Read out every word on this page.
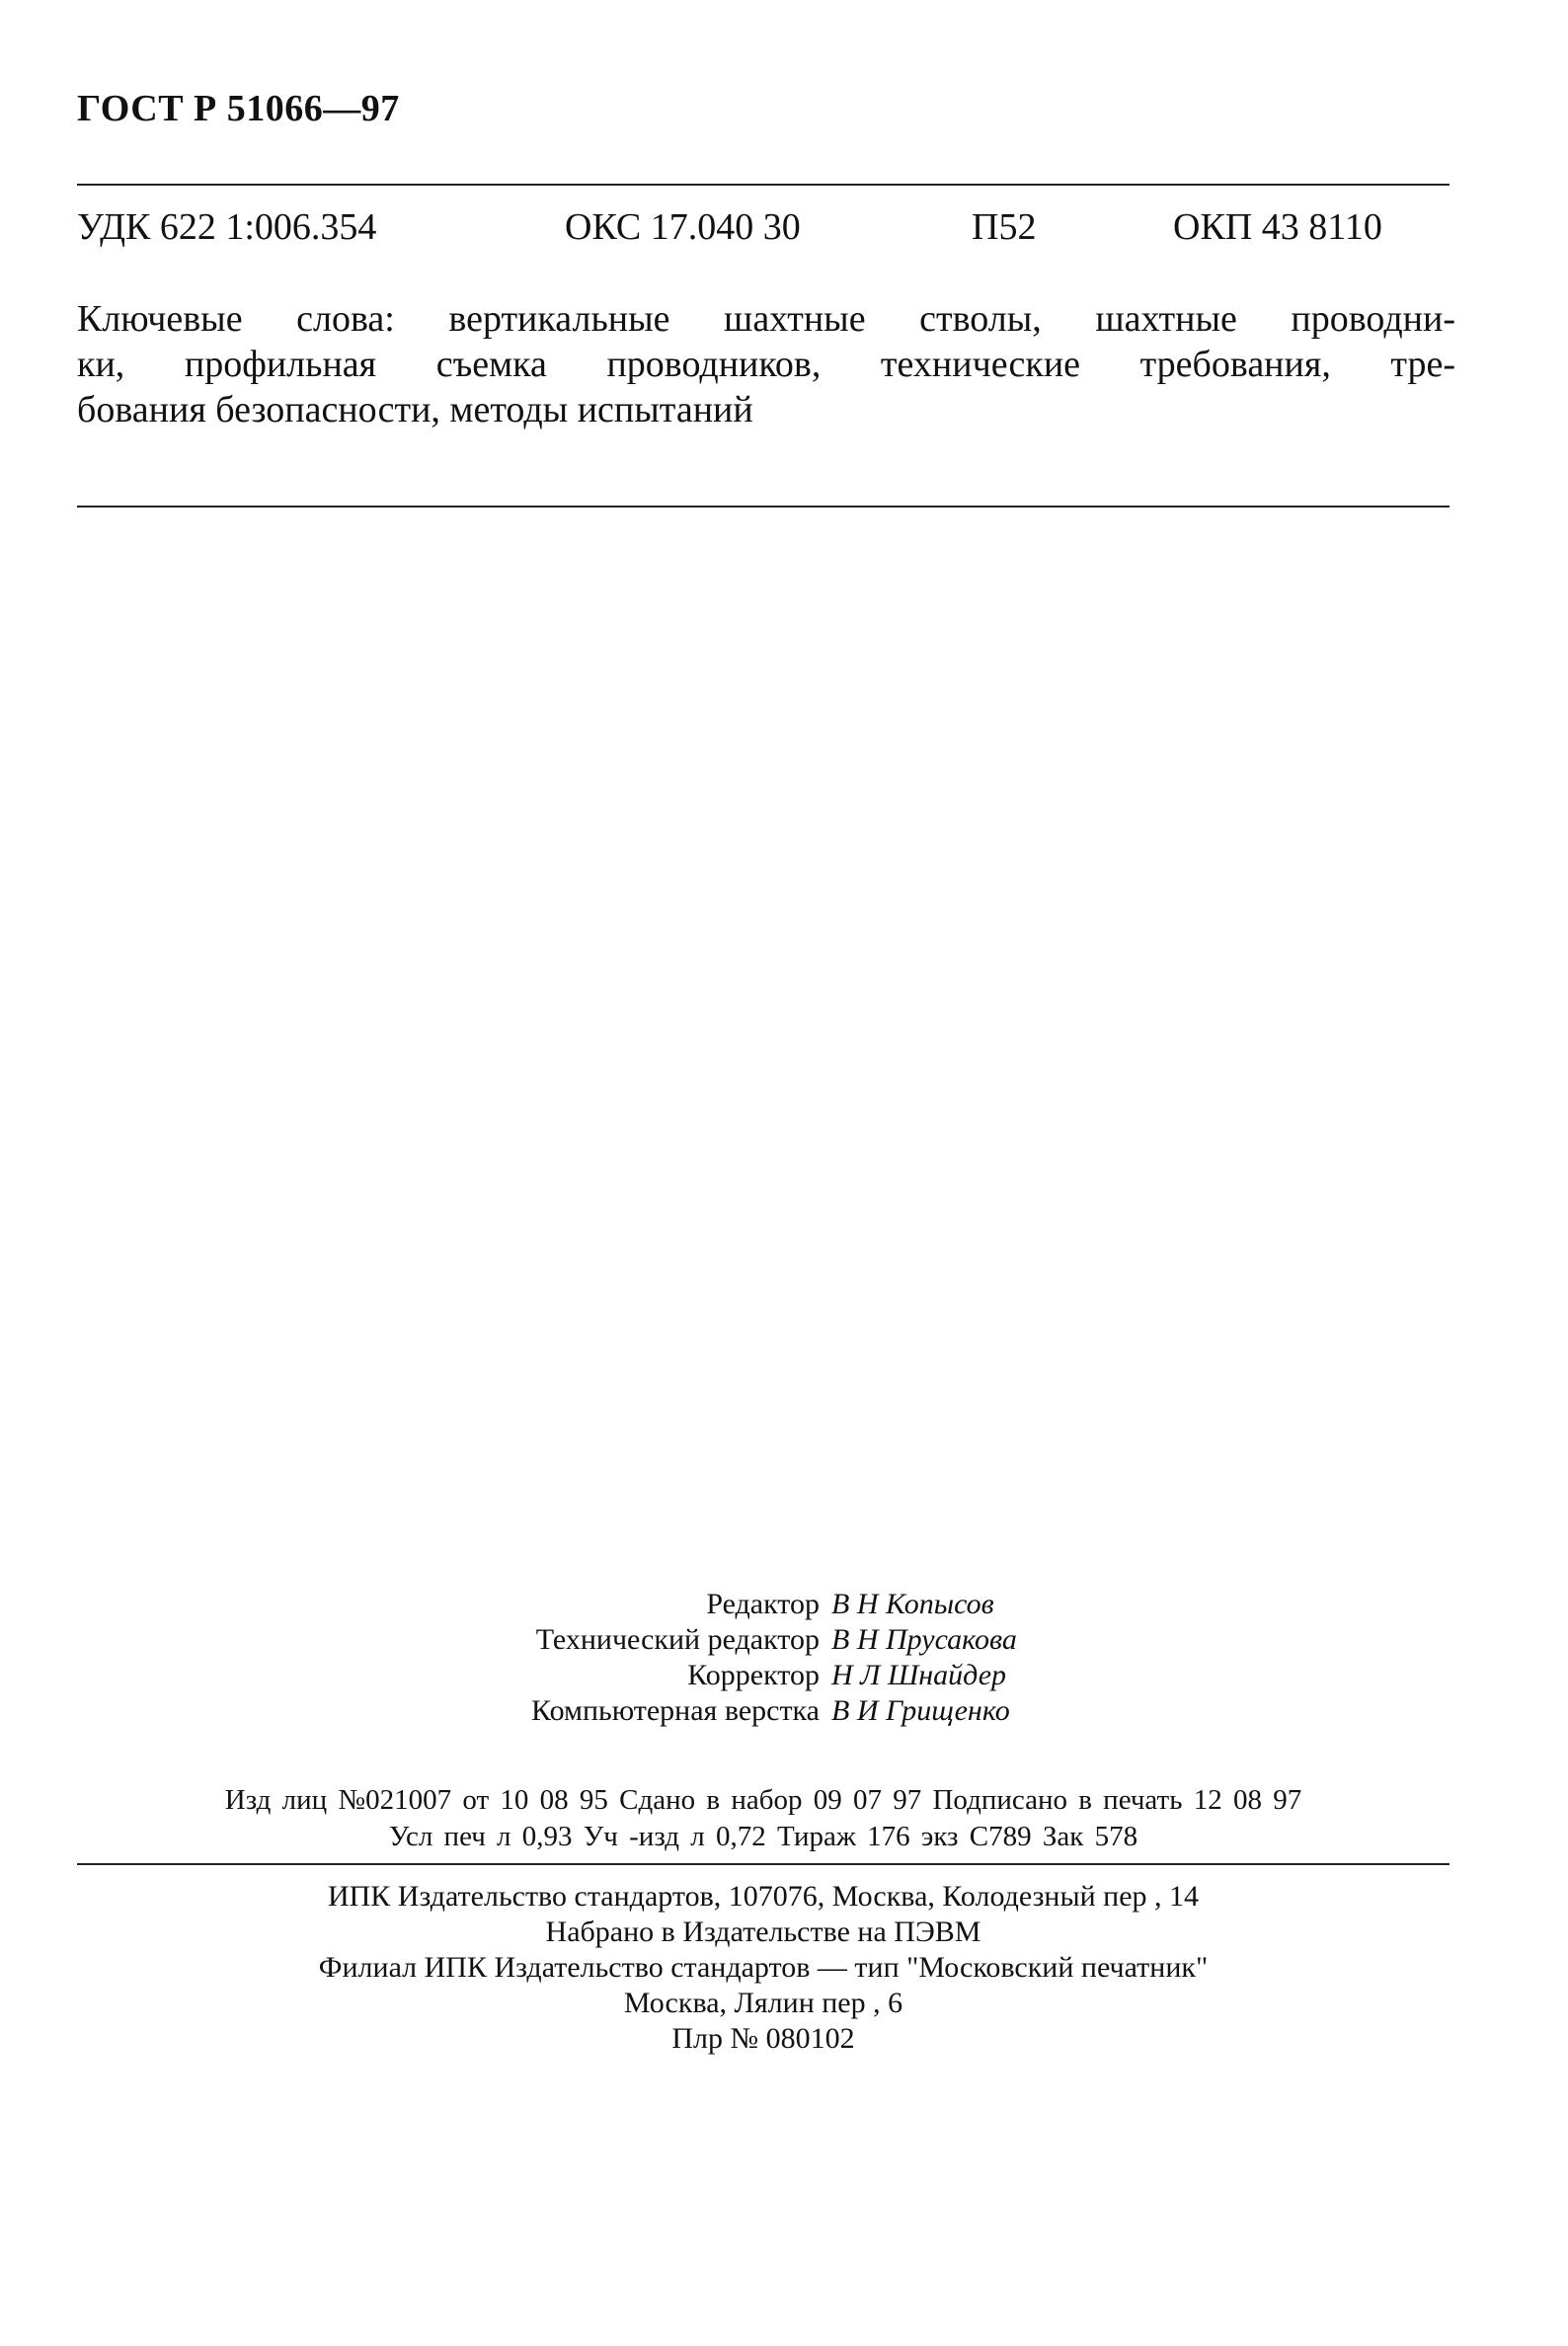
ГОСТ Р 51066—97
УДК 622 1:006.354	ОКС 17.040 30	П52	ОКП 43 8110
Ключевые слова: вертикальные шахтные стволы, шахтные проводни-
ки, профильная съемка проводников, технические требования, тре-
бования безопасности, методы испытаний
Редактор В Н Копысов
Технический редактор В Н Прусакова
Корректор Н Л Шнайдер
Компьютерная верстка В И Грищенко
Изд лиц №021007 от 10 08 95 Сдано в набор 09 07 97 Подписано в печать 12 08 97
Усл печ л 0,93 Уч -изд л 0,72 Тираж 176 экз С789 Зак 578
ИПК Издательство стандартов, 107076, Москва, Колодезный пер , 14
Набрано в Издательстве на ПЭВМ
Филиал ИПК Издательство стандартов — тип "Московский печатник"
Москва, Лялин пер , 6
Плр № 080102
